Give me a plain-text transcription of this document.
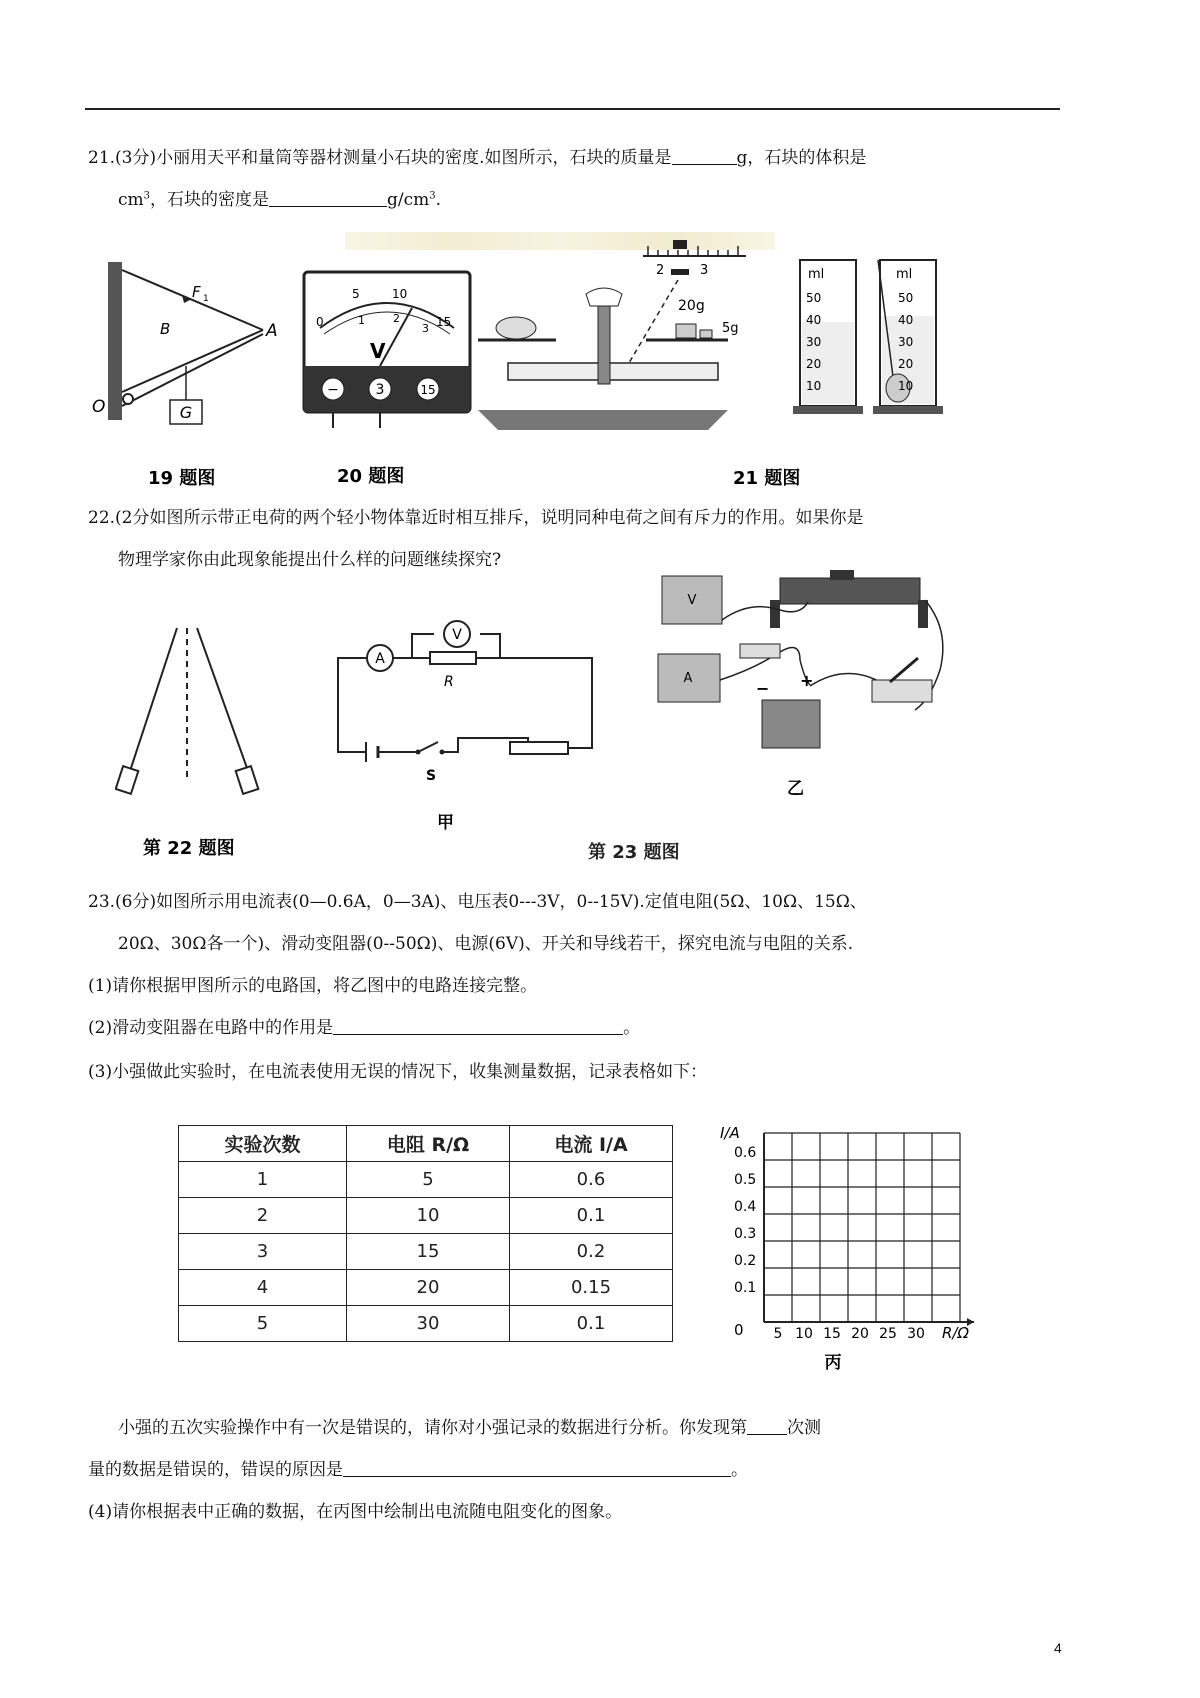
21.(3分)小丽用天平和量筒等器材测量小石块的密度.如图所示，石块的质量是	g，石块的体积是
$cm^3$，石块的密度是	$g/cm^3$.
G
O
B	A
F 1
19 题图
0
5	10
15
1	2
3
V
−	3	15
20 题图
2	3
20g
5g
ml
50
40
30
20
10
ml
50
40
30
20
10
21 题图
22.(2分如图所示带正电荷的两个轻小物体靠近时相互排斥，说明同种电荷之间有斥力的作用。如果你是
物理学家你由此现象能提出什么样的问题继续探究?
第 22 题图
A
V
R
S
甲
V
A
− +
乙
第 23 题图
23.(6分)如图所示用电流表(0—0.6A，0—3A)、电压表0---3V，0--15V).定值电阻(5Ω、10Ω、15Ω、
20Ω、30Ω各一个)、滑动变阻器(0--50Ω)、电源(6V)、开关和导线若干，探究电流与电阻的关系.
(1)请你根据甲图所示的电路国，将乙图中的电路连接完整。
(2)滑动变阻器在电路中的作用是	。
(3)小强做此实验时，在电流表使用无误的情况下，收集测量数据，记录表格如下：
实验次数	电阻 R/Ω	电流 I/A
1	5	0.6
2	10	0.1
3	15	0.2
4	20	0.15
5	30	0.1
I/A
R/Ω
0
0.6
0.5
0.4
0.3
0.2
0.1
5 10 15 20 25 30
丙
小强的五次实验操作中有一次是错误的，请你对小强记录的数据进行分析。你发现第 次测
量的数据是错误的，错误的原因是	。
(4)请你根据表中正确的数据，在丙图中绘制出电流随电阻变化的图象。
4
